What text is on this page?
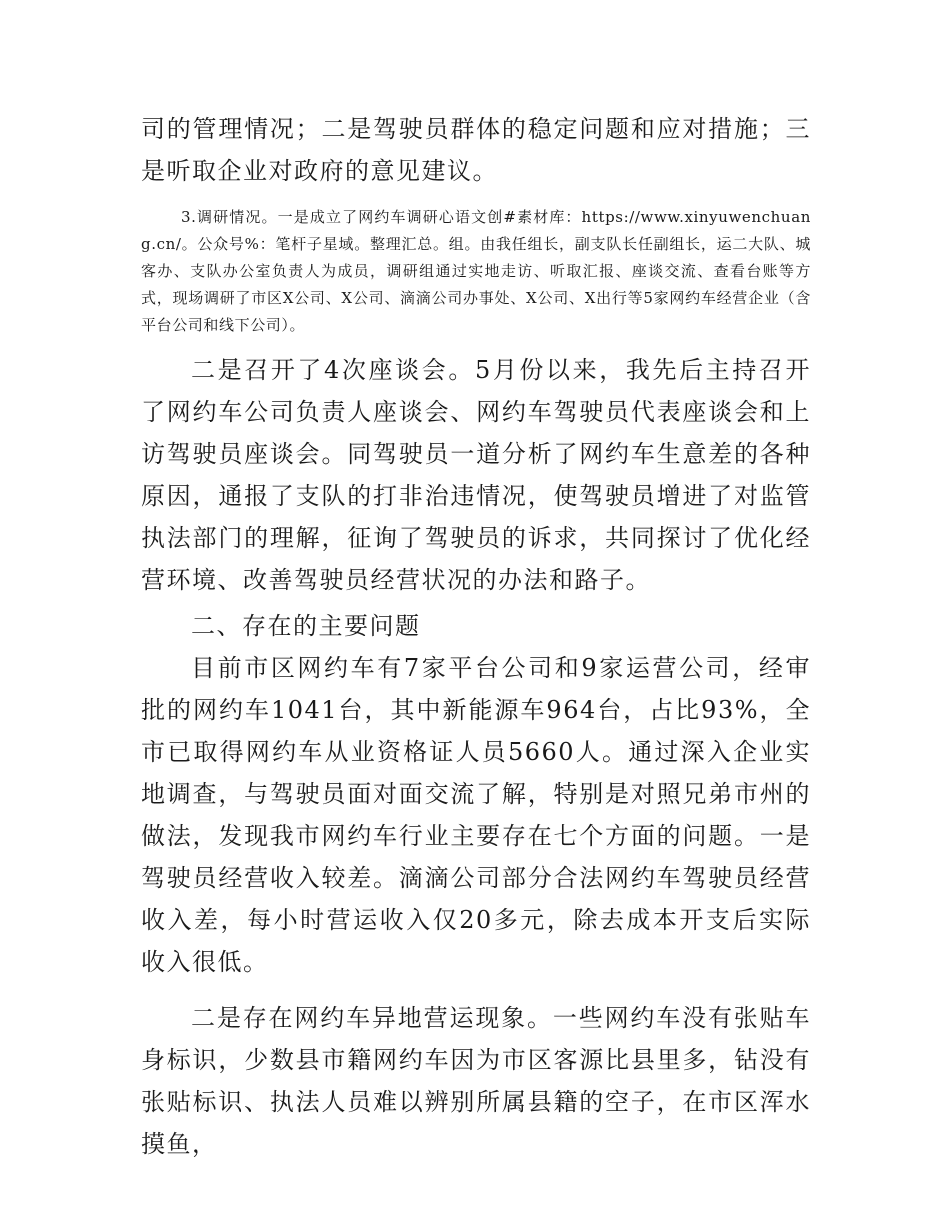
司的管理情况；二是驾驶员群体的稳定问题和应对措施；三是听取企业对政府的意见建议。

3.调研情况。一是成立了网约车调研心语文创#素材库：https://www.xinyuwenchuang.cn/。公众号%：笔杆子星域。整理汇总。组。由我任组长，副支队长任副组长，运二大队、城客办、支队办公室负责人为成员，调研组通过实地走访、听取汇报、座谈交流、查看台账等方式，现场调研了市区X公司、X公司、滴滴公司办事处、X公司、X出行等5家网约车经营企业（含平台公司和线下公司）。

二是召开了4次座谈会。5月份以来，我先后主持召开了网约车公司负责人座谈会、网约车驾驶员代表座谈会和上访驾驶员座谈会。同驾驶员一道分析了网约车生意差的各种原因，通报了支队的打非治违情况，使驾驶员增进了对监管执法部门的理解，征询了驾驶员的诉求，共同探讨了优化经营环境、改善驾驶员经营状况的办法和路子。

二、存在的主要问题

目前市区网约车有7家平台公司和9家运营公司，经审批的网约车1041台，其中新能源车964台，占比93%，全市已取得网约车从业资格证人员5660人。通过深入企业实地调查，与驾驶员面对面交流了解，特别是对照兄弟市州的做法，发现我市网约车行业主要存在七个方面的问题。一是驾驶员经营收入较差。滴滴公司部分合法网约车驾驶员经营收入差，每小时营运收入仅20多元，除去成本开支后实际收入很低。

二是存在网约车异地营运现象。一些网约车没有张贴车身标识，少数县市籍网约车因为市区客源比县里多，钻没有张贴标识、执法人员难以辨别所属县籍的空子，在市区浑水摸鱼，
